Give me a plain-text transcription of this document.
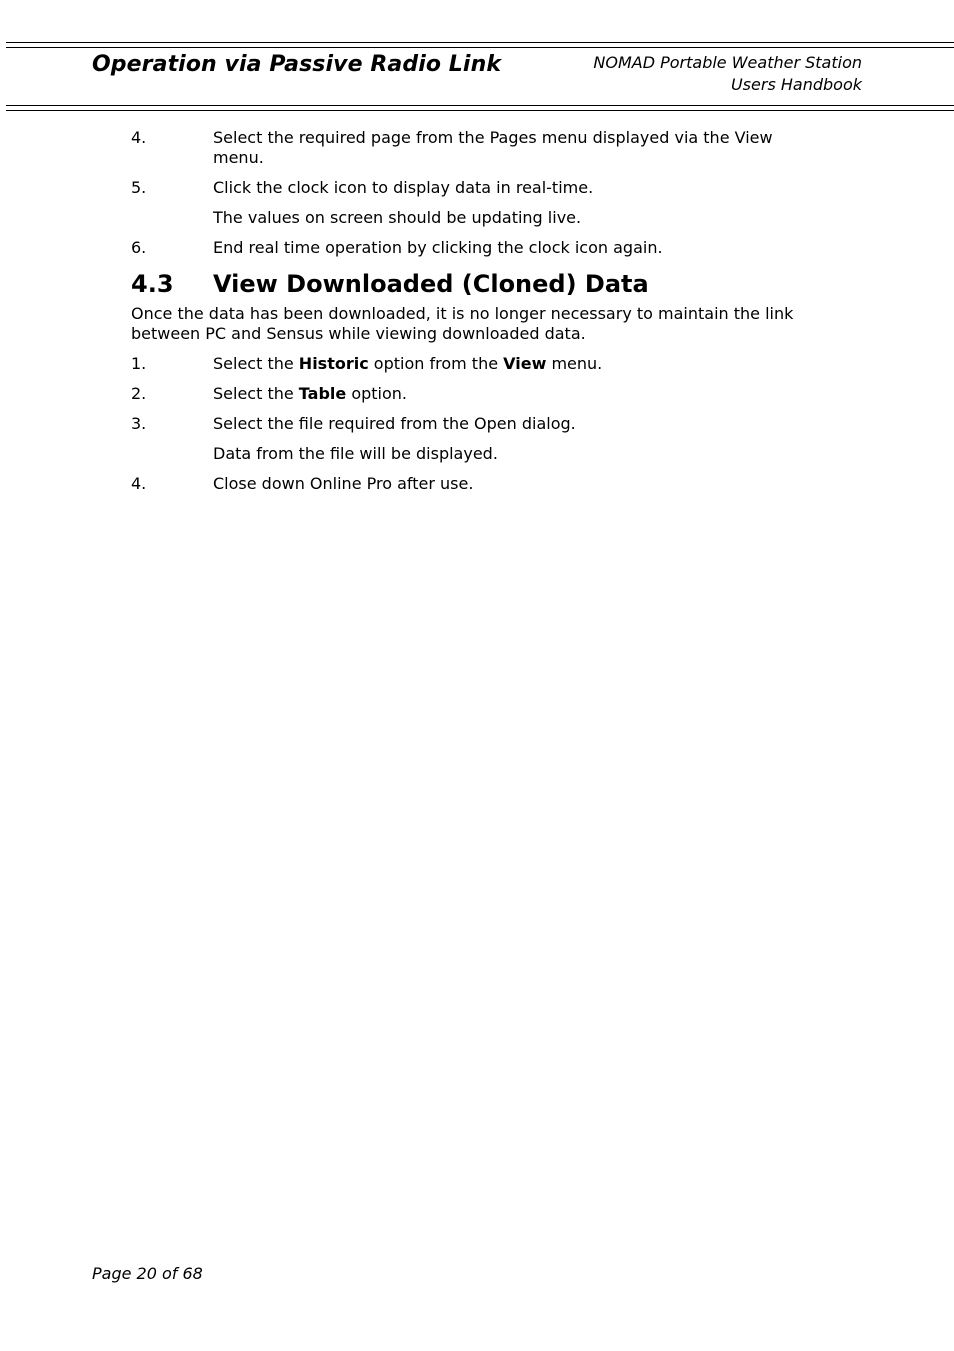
Operation via Passive Radio Link	NOMAD Portable Weather Station
Users Handbook
4.	Select the required page from the Pages menu displayed via the View menu.
5.	Click the clock icon to display data in real-time.
The values on screen should be updating live.
6.	End real time operation by clicking the clock icon again.
4.3 View Downloaded (Cloned) Data

Once the data has been downloaded, it is no longer necessary to maintain the link between PC and Sensus while viewing downloaded data.

1.	Select the Historic option from the View menu.
2.	Select the Table option.
3.	Select the file required from the Open dialog.
Data from the file will be displayed.
4.	Close down Online Pro after use.
Page 20 of 68
